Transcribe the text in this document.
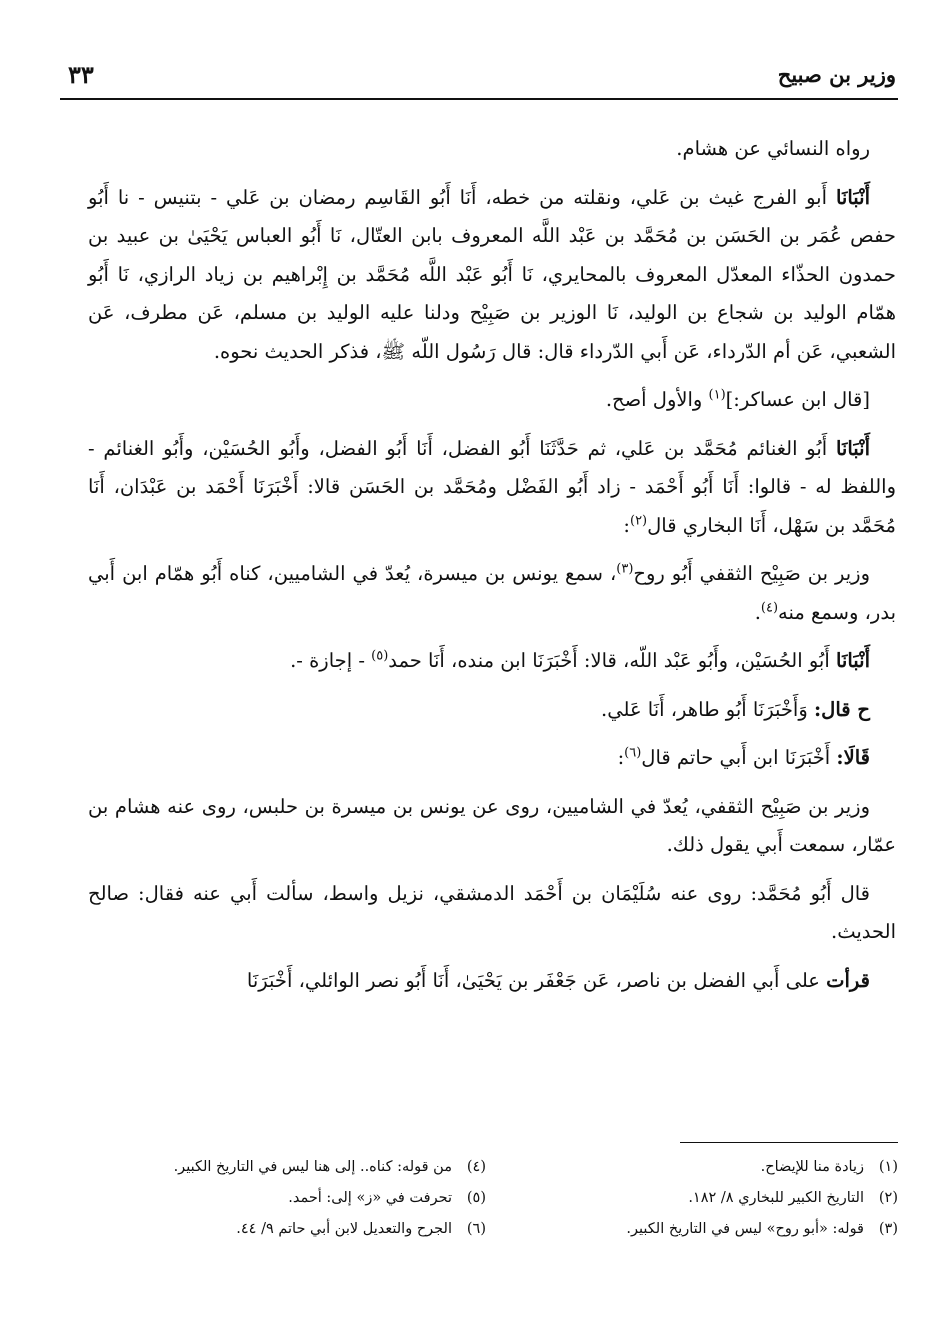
وزير بن صبيح
٣٣

رواه النسائي عن هشام.

أَنْبَانَا أَبو الفرج غيث بن عَلي، ونقلته من خطه، أَنَا أَبُو القَاسِم رمضان بن عَلي - بتنيس - نا أَبُو حفص عُمَر بن الحَسَن بن مُحَمَّد بن عَبْد اللَّه المعروف بابن العتّال، نَا أَبُو العباس يَحْيَىٰ بن عبيد بن حمدون الحذّاء المعدّل المعروف بالمحايري، نَا أَبُو عَبْد اللَّه مُحَمَّد بن إِبْراهيم بن زياد الرازي، نَا أَبُو همّام الوليد بن شجاع بن الوليد، نَا الوزير بن صَبِيْح ودلنا عليه الوليد بن مسلم، عَن مطرف، عَن الشعبي، عَن أم الدّرداء، عَن أَبي الدّرداء قال: قال رَسُول اللّه ﷺ، فذكر الحديث نحوه.

[قال ابن عساكر:]$^{(١)}$ والأول أصح.

أَنْبَانَا أَبُو الغنائم مُحَمَّد بن عَلي، ثم حَدَّثَنَا أَبُو الفضل، أَنَا أَبُو الفضل، وأَبُو الحُسَيْن، وأَبُو الغنائم - واللفظ له - قالوا: أَنَا أَبُو أَحْمَد - زاد أَبُو الفَضْل ومُحَمَّد بن الحَسَن قالا: أَخْبَرَنَا أَحْمَد بن عَبْدَان، أَنَا مُحَمَّد بن سَهْل، أَنَا البخاري قال$^{(٢)}$:

وزير بن صَبِيْح الثقفي أَبُو روح$^{(٣)}$، سمع يونس بن ميسرة، يُعدّ في الشاميين، كناه أَبُو همّام ابن أَبي بدر، وسمع منه$^{(٤)}$.

أَنْبَانَا أَبُو الحُسَيْن، وأَبُو عَبْد اللّه، قالا: أَخْبَرَنَا ابن منده، أَنَا حمد$^{(٥)}$ - إجازة -.

ح قال: وَأَخْبَرَنَا أَبُو طاهر، أَنَا عَلي.

قَالَا: أَخْبَرَنَا ابن أَبي حاتم قال$^{(٦)}$:

وزير بن صَبِيْح الثقفي، يُعدّ في الشاميين، روى عن يونس بن ميسرة بن حلبس، روى عنه هشام بن عمّار، سمعت أَبي يقول ذلك.

قال أَبُو مُحَمَّد: روى عنه سُلَيْمَان بن أَحْمَد الدمشقي، نزيل واسط، سألت أَبي عنه فقال: صالح الحديث.

قرأت على أَبي الفضل بن ناصر، عَن جَعْفَر بن يَحْيَىٰ، أَنَا أَبُو نصر الوائلي، أَخْبَرَنَا

(١)زيادة منا للإيضاح.
(٢)التاريخ الكبير للبخاري ٨/ ١٨٢.
(٣)قوله: «أبو روح» ليس في التاريخ الكبير.
(٤)من قوله: كناه.. إلى هنا ليس في التاريخ الكبير.
(٥)تحرفت في «ز» إلى: أحمد.
(٦)الجرح والتعديل لابن أبي حاتم ٩/ ٤٤.
